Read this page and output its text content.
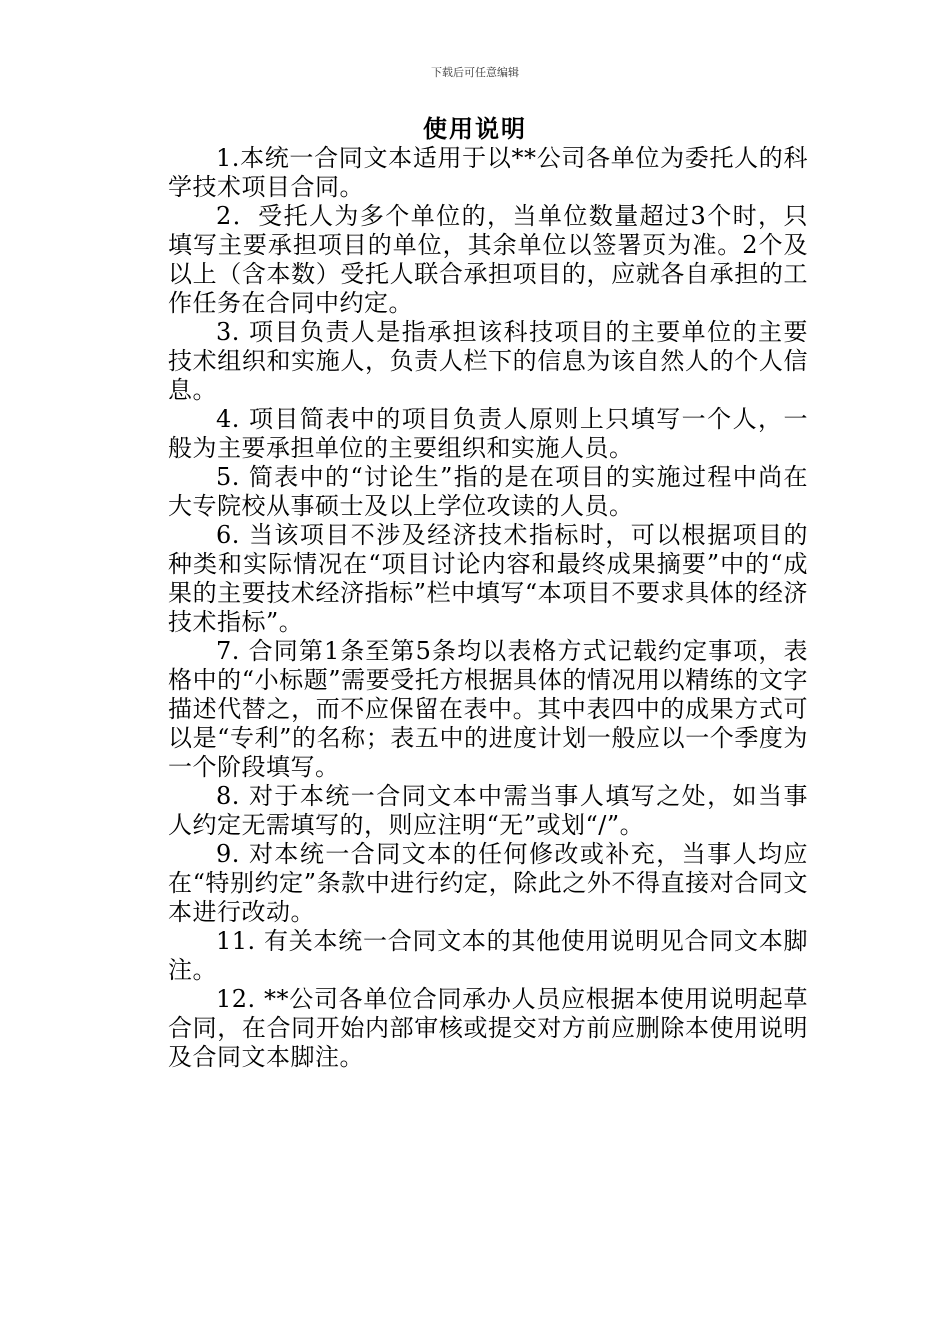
下载后可任意编辑
使用说明

1.本统一合同文本适用于以**公司各单位为委托人的科学技术项目合同。

2．受托人为多个单位的，当单位数量超过3个时，只填写主要承担项目的单位，其余单位以签署页为准。2个及以上（含本数）受托人联合承担项目的，应就各自承担的工作任务在合同中约定。

3. 项目负责人是指承担该科技项目的主要单位的主要技术组织和实施人，负责人栏下的信息为该自然人的个人信息。

4. 项目简表中的项目负责人原则上只填写一个人，一般为主要承担单位的主要组织和实施人员。

5. 简表中的“讨论生”指的是在项目的实施过程中尚在大专院校从事硕士及以上学位攻读的人员。

6. 当该项目不涉及经济技术指标时，可以根据项目的种类和实际情况在“项目讨论内容和最终成果摘要”中的“成果的主要技术经济指标”栏中填写“本项目不要求具体的经济技术指标”。

7. 合同第1条至第5条均以表格方式记载约定事项，表格中的“小标题”需要受托方根据具体的情况用以精练的文字描述代替之，而不应保留在表中。其中表四中的成果方式可以是“专利”的名称；表五中的进度计划一般应以一个季度为一个阶段填写。

8. 对于本统一合同文本中需当事人填写之处，如当事人约定无需填写的，则应注明“无”或划“/”。

9. 对本统一合同文本的任何修改或补充，当事人均应在“特别约定”条款中进行约定，除此之外不得直接对合同文本进行改动。

11. 有关本统一合同文本的其他使用说明见合同文本脚注。

12. **公司各单位合同承办人员应根据本使用说明起草合同，在合同开始内部审核或提交对方前应删除本使用说明及合同文本脚注。
